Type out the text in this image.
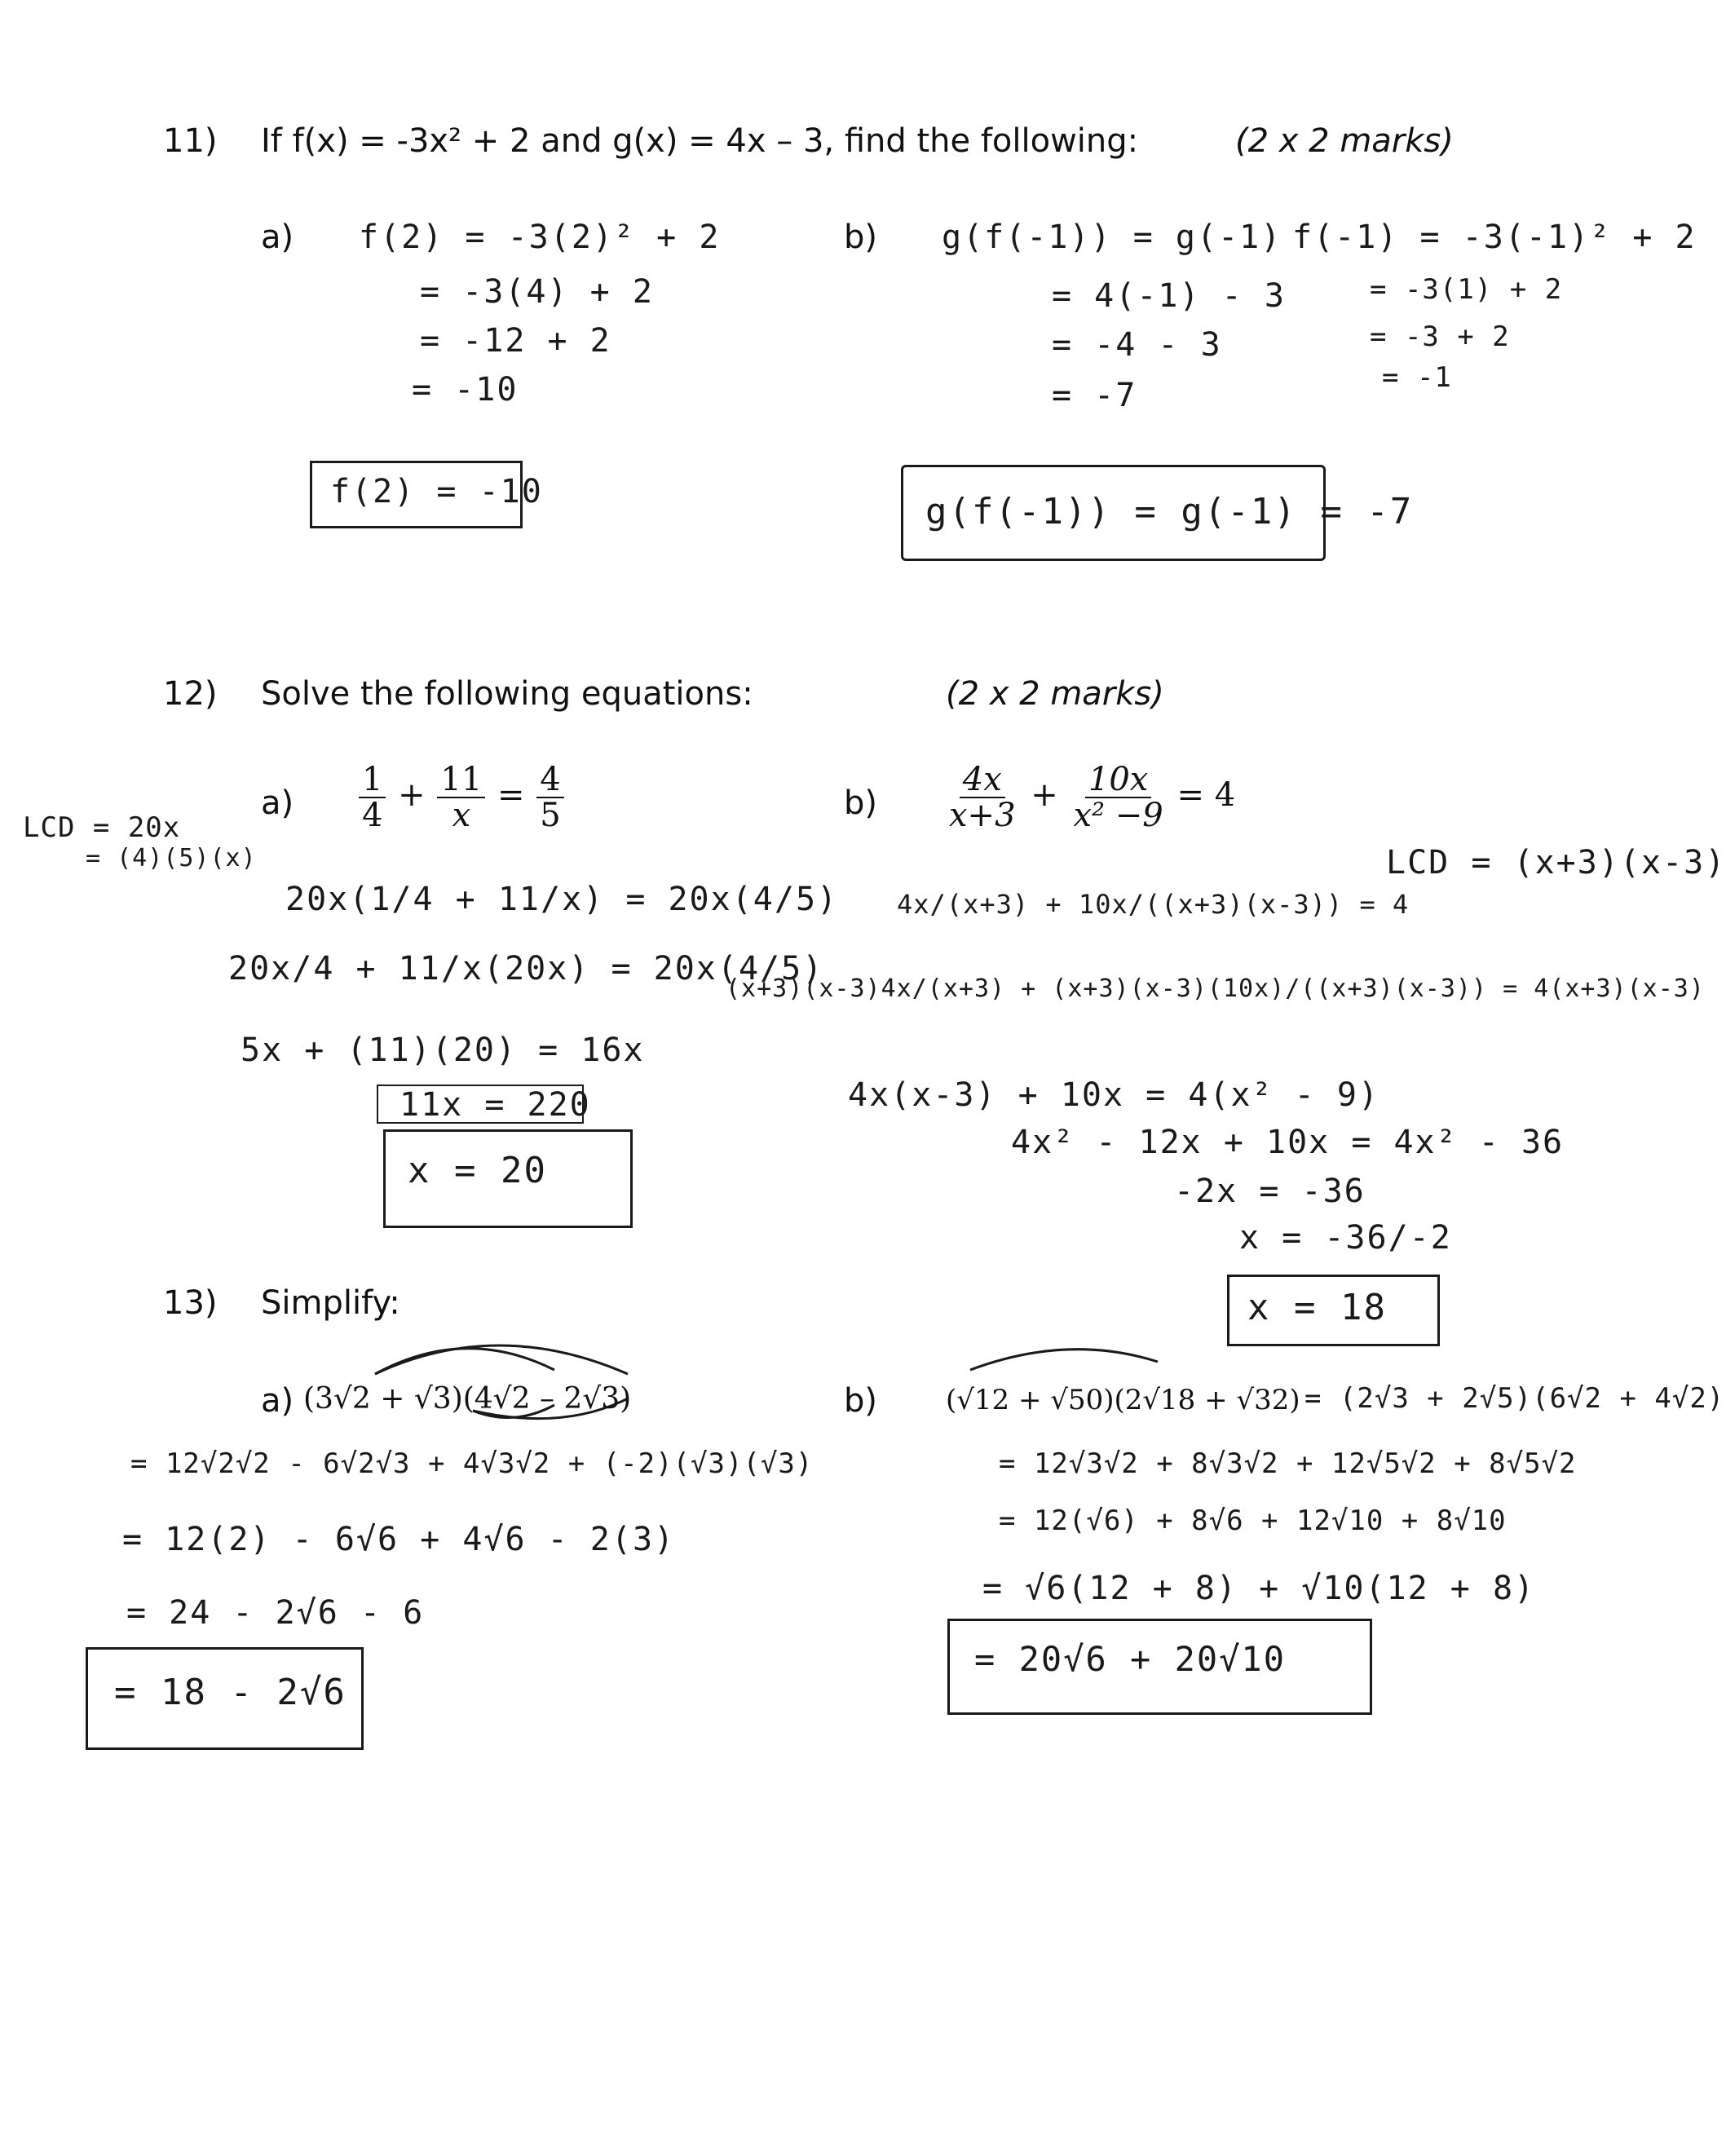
11) If f(x) = -3x² + 2 and g(x) = 4x – 3, find the following:	(2 x 2 marks)
a) f(2) = -3(2)² + 2
= -3(4) + 2
= -12 + 2
= -10
f(2) = -10
b) g(f(-1)) = g(-1)
= 4(-1) - 3
= -4 - 3
= -7
f(-1) = -3(-1)² + 2
= -3(1) + 2
= -3 + 2
= -1
g(f(-1)) = g(-1) = -7
12) Solve the following equations:	(2 x 2 marks)
LCD = 20x
= (4)(5)(x)
$a) \frac{1}{4} + \frac{11}{x} = \frac{4}{5}$
20x(1/4 + 11/x) = 20x(4/5)
20x/4 + 11/x(20x) = 20x(4/5)
5x + (11)(20) = 16x
11x = 220
x = 20
$b) \frac{4x}{x+3} + \frac{10x}{\text{x² −9}} = 4$
LCD = (x+3)(x-3)
4x/(x+3) + 10x/((x+3)(x-3)) = 4
(x+3)(x-3)4x/(x+3) + (x+3)(x-3)(10x)/((x+3)(x-3)) = 4(x+3)(x-3)
4x(x-3) + 10x = 4(x² - 9)
4x² - 12x + 10x = 4x² - 36
-2x = -36
x = -36/-2
x = 18
13) Simplify:
a) (3√2 + √3)(4√2 – 2√3)
= 12√2√2 - 6√2√3 + 4√3√2 + (-2)(√3)(√3)
= 12(2) - 6√6 + 4√6 - 2(3)
= 24 - 2√6 - 6
= 18 - 2√6
b) (√12 + √50)(2√18 + √32) = (2√3 + 2√5)(6√2 + 4√2)
= 12√3√2 + 8√3√2 + 12√5√2 + 8√5√2
= 12(√6) + 8√6 + 12√10 + 8√10
= √6(12 + 8) + √10(12 + 8)
= 20√6 + 20√10
